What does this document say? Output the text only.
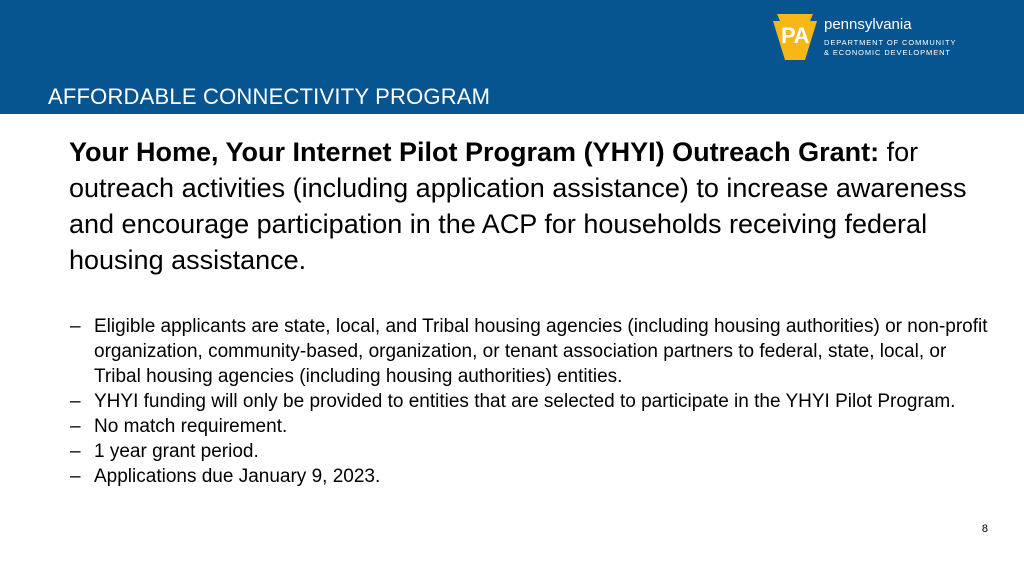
PA	pennsylvania
DEPARTMENT OF COMMUNITY
& ECONOMIC DEVELOPMENT
AFFORDABLE CONNECTIVITY PROGRAM
Your Home, Your Internet Pilot Program (YHYI) Outreach Grant: for outreach activities (including application assistance) to increase awareness and encourage participation in the ACP for households receiving federal housing assistance.
– Eligible applicants are state, local, and Tribal housing agencies (including housing authorities) or non-profit organization, community-based, organization, or tenant association partners to federal, state, local, or Tribal housing agencies (including housing authorities) entities.
– YHYI funding will only be provided to entities that are selected to participate in the YHYI Pilot Program.
– No match requirement.
– 1 year grant period.
– Applications due January 9, 2023.
8
